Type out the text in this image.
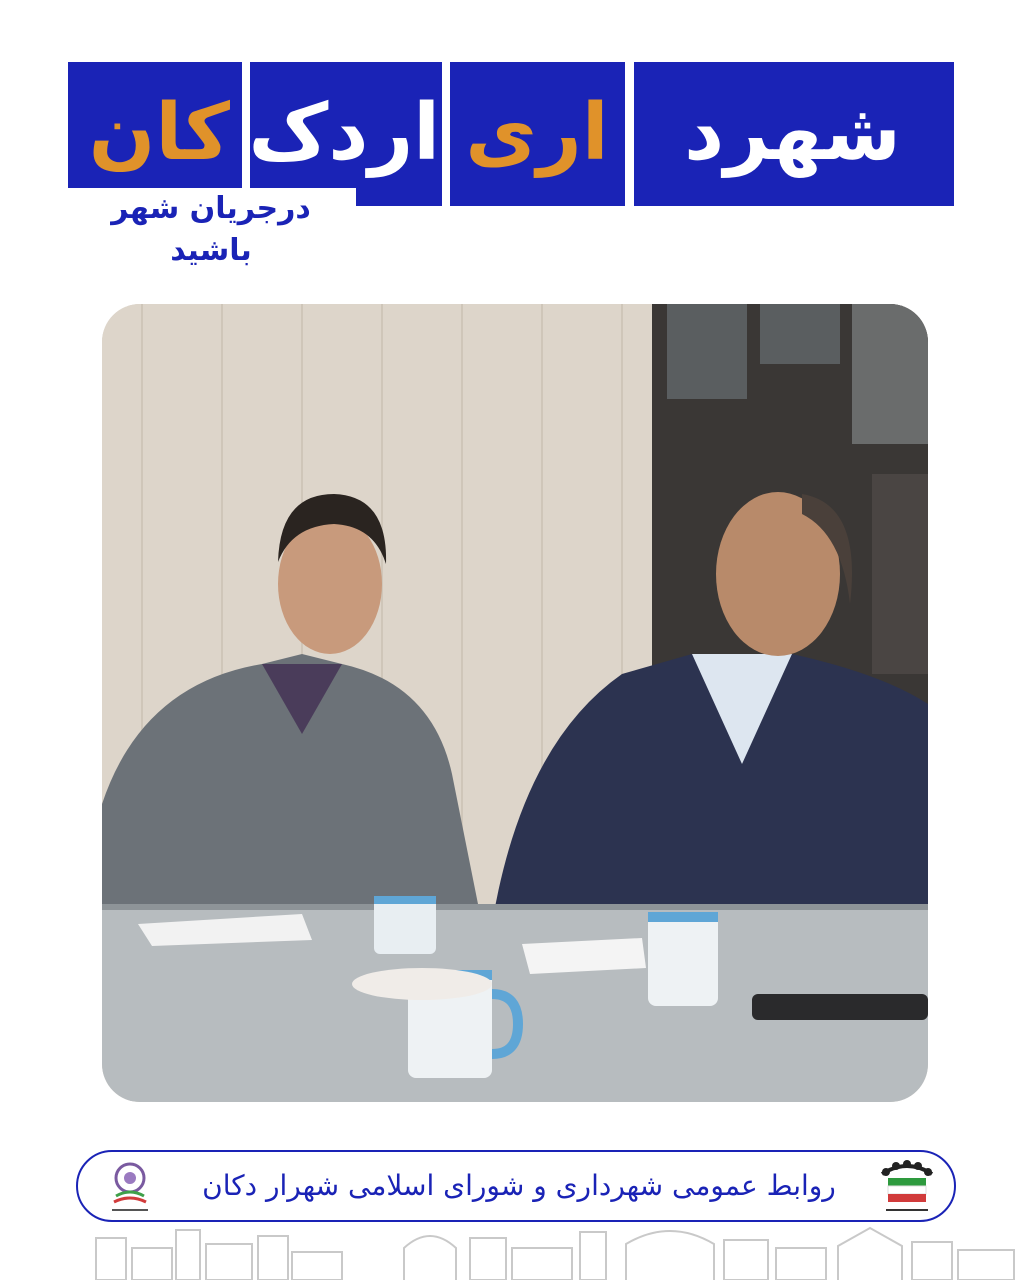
کان اردک اری شهرد
درجریان شهر باشید
روابط عمومی شهرداری و شورای اسلامی شهرار دکان
